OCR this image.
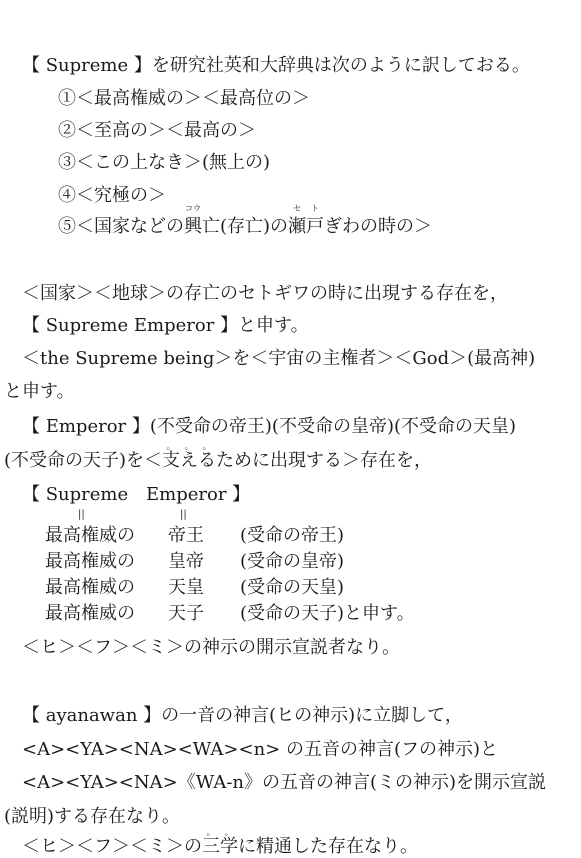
【 Supreme 】を研究社英和大辞典は次のように訳しておる。
①＜最高権威の＞＜最高位の＞
②＜至高の＞＜最高の＞
③＜この上なき＞(無上の)
④＜究極の＞
⑤＜国家などの興
コウ
亡(存亡)の瀬
セ
戸
ト
ぎわの時の＞
＜国家＞＜地球＞の存亡のセトギワの時に出現する存在を，
【 Supreme Emperor 】と申す。
＜the Supreme being＞を＜宇宙の主権者＞＜God＞(最高神)
と申す。
【 Emperor 】(不受命の帝王)(不受命の皇帝)(不受命の天皇)
(不受命の天子)を＜支
。
え
。
る
。
ために出現する＞存在を，
【 Supreme Emperor 】
||	||
最高権威の 帝王 (受命の帝王)
最高権威の 皇帝 (受命の皇帝)
最高権威の 天皇 (受命の天皇)
最高権威の 天子 (受命の天子)と申す。
＜ヒ＞＜フ＞＜ミ＞の神示の開示宣説者なり。
【 ayanawan 】の一音の神言(ヒの神示)に立脚して，
<A><YA><NA><WA><n> の五音の神言(フの神示)と
<A><YA><NA>《WA-n》の五音の神言(ミの神示)を開示宣説
(説明)する存在なり。
＜ヒ＞＜フ＞＜ミ＞の三
。
学
。
に精通した存在なり。
